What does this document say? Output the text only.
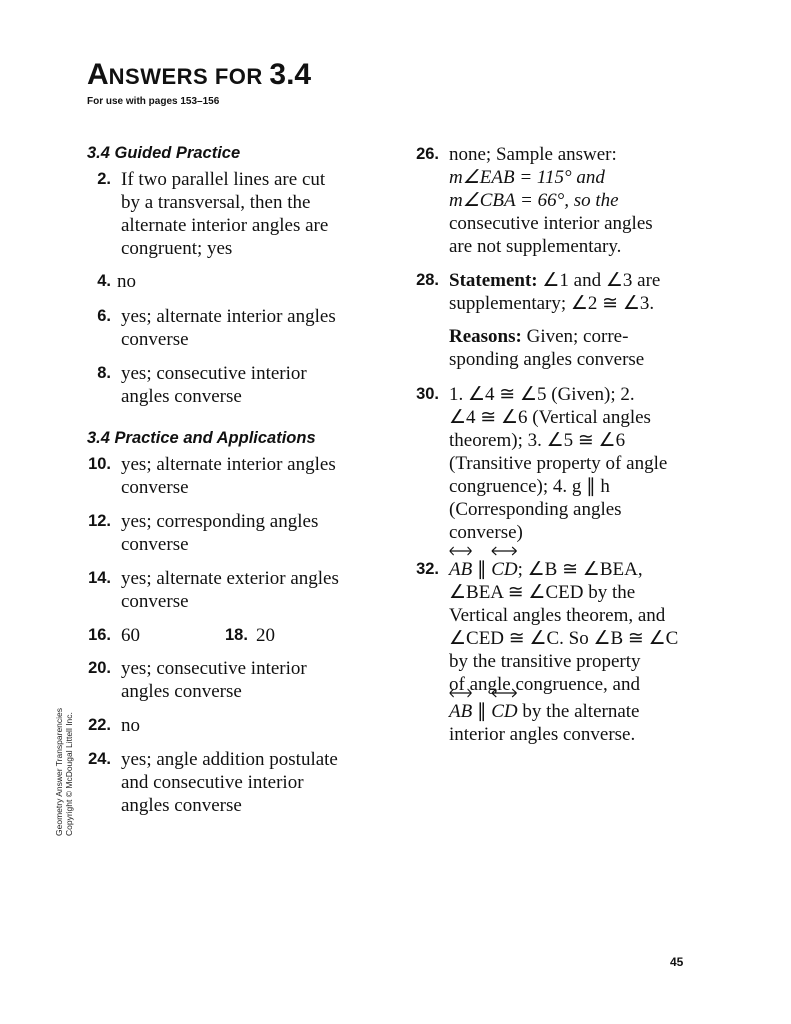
ANSWERS FOR 3.4
For use with pages 153–156
3.4 Guided Practice
2. If two parallel lines are cut
by a transversal, then the
alternate interior angles are
congruent; yes
4. no
6. yes; alternate interior angles
converse
8. yes; consecutive interior
angles converse
3.4 Practice and Applications
10. yes; alternate interior angles
converse
12. yes; corresponding angles
converse
14. yes; alternate exterior angles
converse
16. 60	18. 20
20. yes; consecutive interior
angles converse
22. no
24. yes; angle addition postulate
and consecutive interior
angles converse
26. none; Sample answer:
m∠EAB = 115° and
m∠CBA = 66°, so the
consecutive interior angles
are not supplementary.
28. Statement: ∠1 and ∠3 are
supplementary; ∠2 ≅ ∠3.
Reasons: Given; corre-
sponding angles converse
30. 1. ∠4 ≅ ∠5 (Given); 2.
∠4 ≅ ∠6 (Vertical angles
theorem); 3. ∠5 ≅ ∠6
(Transitive property of angle
congruence); 4. g ∥ h
(Corresponding angles
converse)
32. AB ∥ CD; ∠B ≅ ∠BEA,
∠BEA ≅ ∠CED by the
Vertical angles theorem, and
∠CED ≅ ∠C. So ∠B ≅ ∠C
by the transitive property
of angle congruence, and
AB ∥ CD by the alternate
interior angles converse.
Geometry Answer Transparencies Copyright © McDougal Littell Inc.
45
